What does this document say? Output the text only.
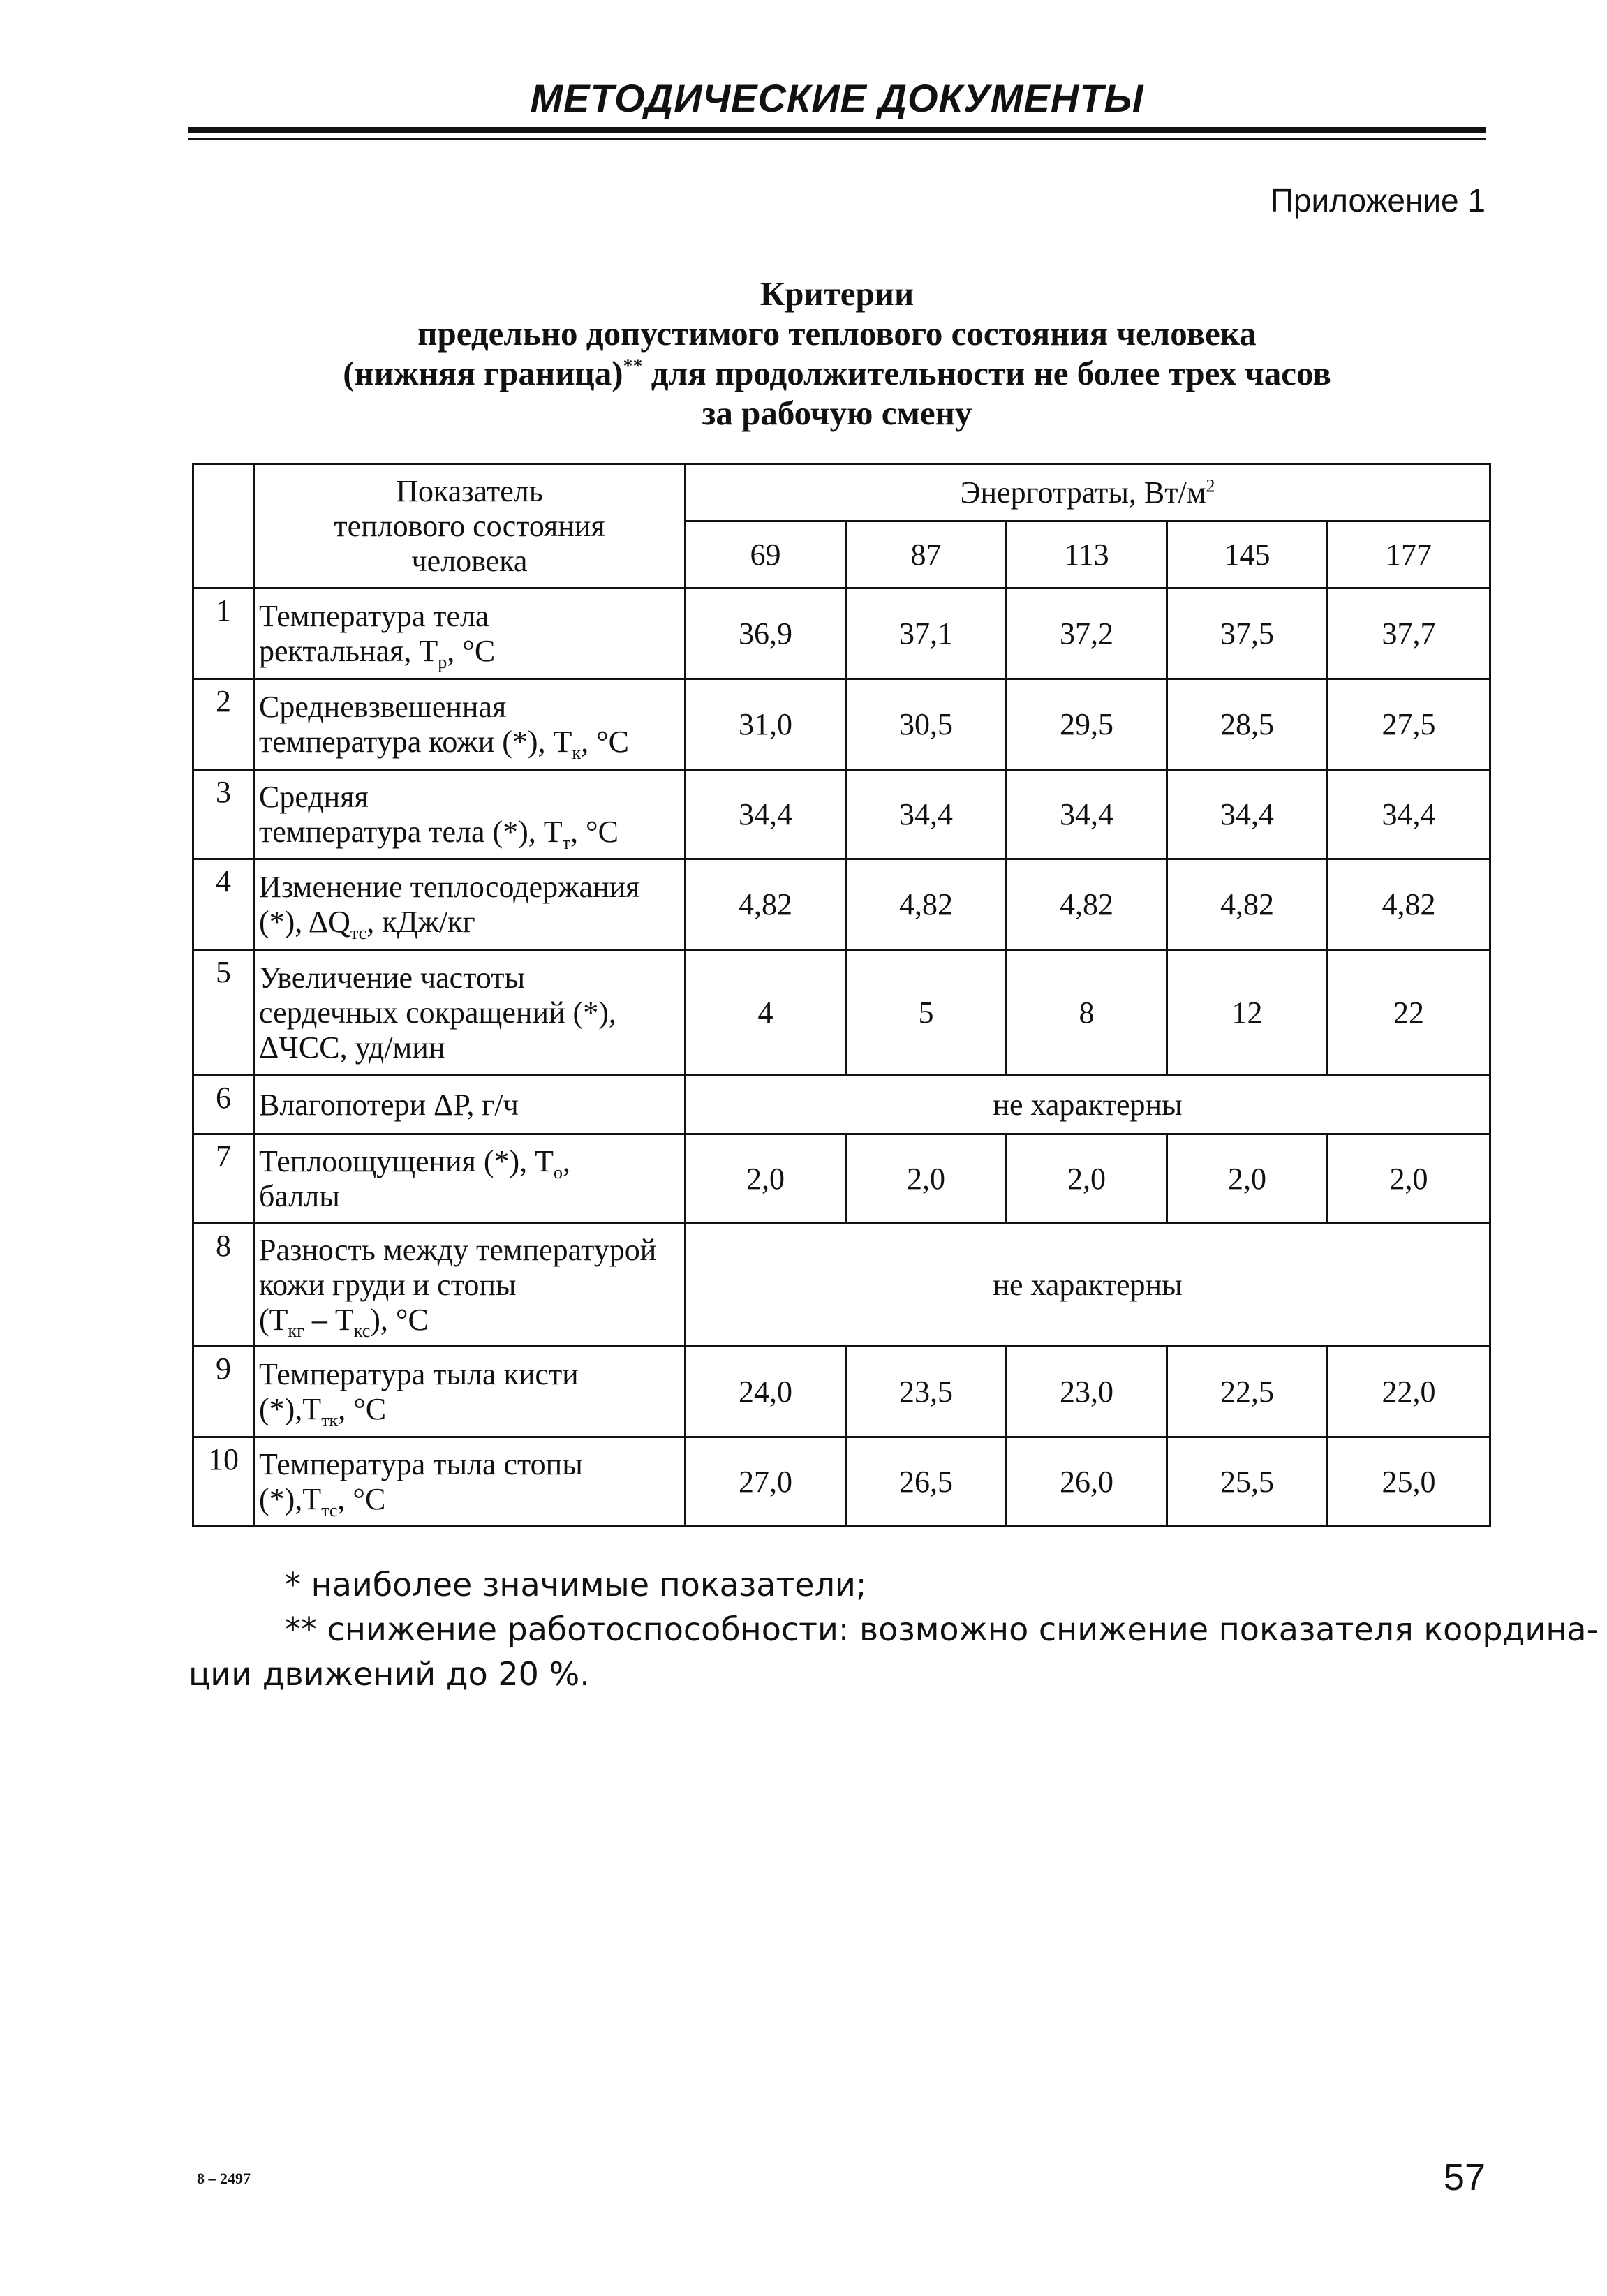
МЕТОДИЧЕСКИЕ ДОКУМЕНТЫ
Приложение 1
Критерии
предельно допустимого теплового состояния человека
(нижняя граница)** для продолжительности не более трех часов
за рабочую смену

	Показатель
теплового состояния
человека	Энерготраты, $Вт/м^2$
		69	87	113	145	177
1	Температура тела
ректальная, $Т_р$, °С	36,9	37,1	37,2	37,5	37,7
2	Средневзвешенная
температура кожи (*), $Т_к$, °С	31,0	30,5	29,5	28,5	27,5
3	Средняя
температура тела (*), $Т_т$, °С	34,4	34,4	34,4	34,4	34,4
4	Изменение теплосодержания
(*), $\Delta Q_{тс}$, кДж/кг	4,82	4,82	4,82	4,82	4,82
5	Увеличение частоты
сердечных сокращений (*),
ΔЧСС, уд/мин	4	5	8	12	22
6	Влагопотери ΔР, г/ч	не характерны				
7	Теплоощущения (*), $Т_о$,
баллы	2,0	2,0	2,0	2,0	2,0
8	Разность между температурой
кожи груди и стопы
$(Т_{кг} - Т_{кс})$, °С	не характерны				
9	Температура тыла кисти
$(*),Т_{тк}$, °С	24,0	23,5	23,0	22,5	22,0
10	Температура тыла стопы
$(*),Т_{тс}$, °С	27,0	26,5	26,0	25,5	25,0
* наиболее значимые показатели;
** снижение работоспособности: возможно снижение показателя координа-
ции движений до 20 %.
8 – 2497	57
